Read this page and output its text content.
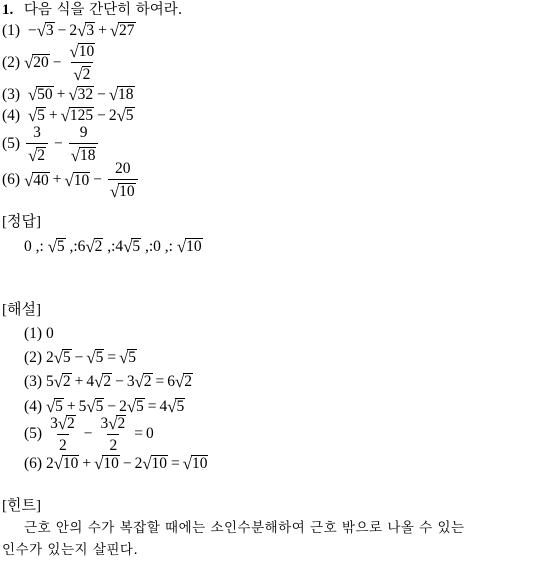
1. 다음 식을 간단히 하여라.
(1) −√3 − 2√3 + √27
(2) $√20 - \frac{√10}{√2}$
(3) √50 + √32 − √18
(4) √5 + √125 − 2√5
$(5) \frac{3}{√2} - \frac{9}{√18}$
(6) $√40 + √10 - \frac{20}{√10}$
[정답]
0 ,: √5 ,:6√2 ,:4√5 ,:0 ,: √10
[해설]
(1) 0
(2) 2√5 − √5 = √5
(3) 5√2 + 4√2 − 3√2 = 6√2
(4) √5 + 5√5 − 2√5 = 4√5
$(5) \frac{3√2}{2} - \frac{3√2}{2} = 0$
(6) 2√10 + √10 − 2√10 = √10
[힌트]
근호 안의 수가 복잡할 때에는 소인수분해하여 근호 밖으로 나올 수 있는
인수가 있는지 살핀다.
